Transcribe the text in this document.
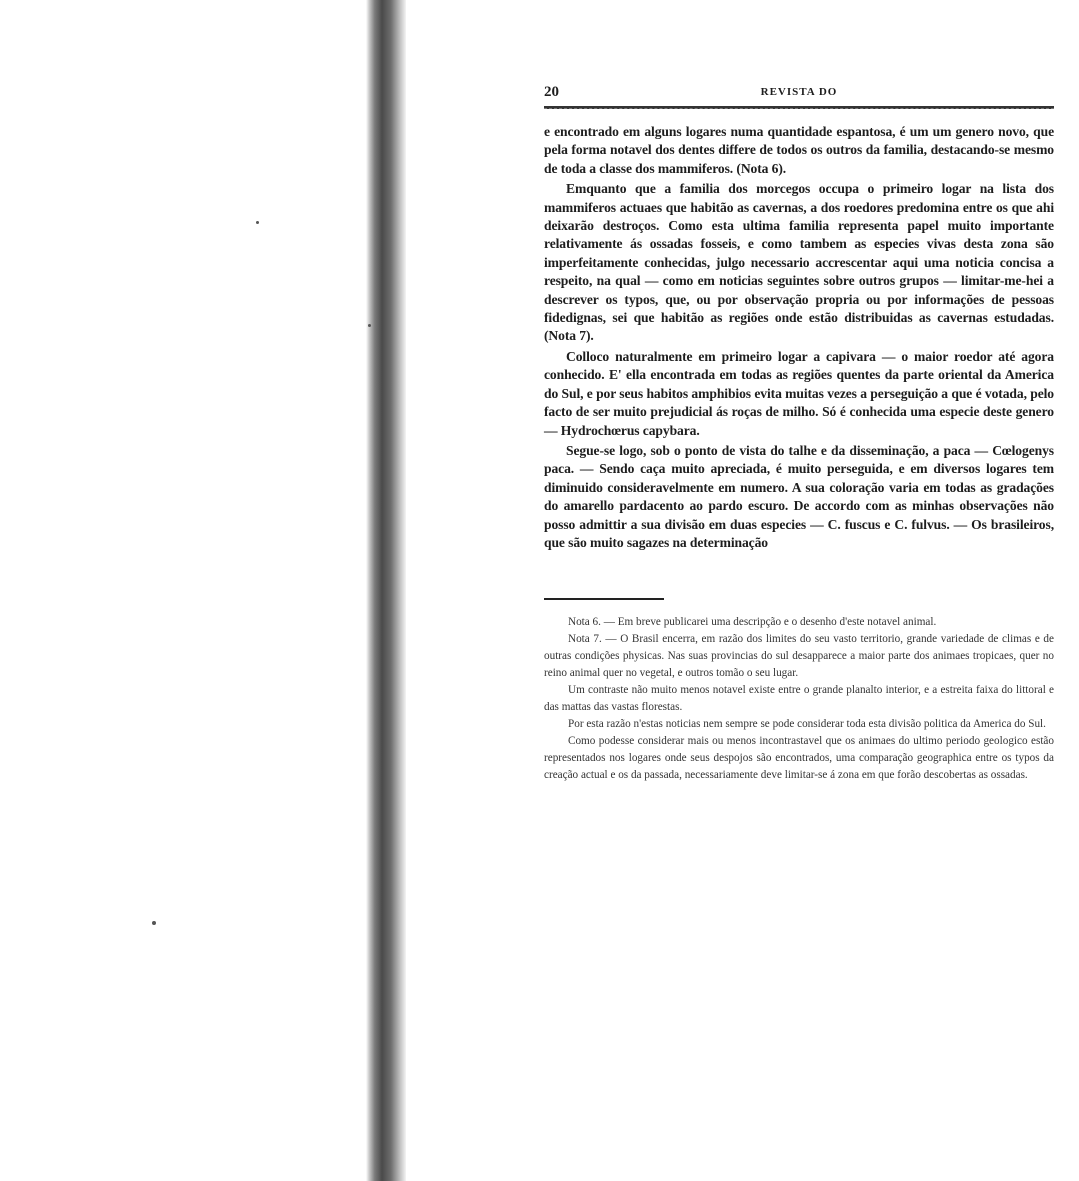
20	REVISTA DO

e encontrado em alguns logares numa quantidade espantosa, é um um genero novo, que pela forma notavel dos dentes differe de todos os outros da familia, destacando-se mesmo de toda a classe dos mammiferos. (Nota 6).

Emquanto que a familia dos morcegos occupa o primeiro logar na lista dos mammiferos actuaes que habitão as cavernas, a dos roedores predomina entre os que ahi deixarão destroços. Como esta ultima familia representa papel muito importante relativamente ás ossadas fosseis, e como tambem as especies vivas desta zona são imperfeitamente conhecidas, julgo necessario accrescentar aqui uma noticia concisa a respeito, na qual — como em noticias seguintes sobre outros grupos — limitar-me-hei a descrever os typos, que, ou por observação propria ou por informações de pessoas fidedignas, sei que habitão as regiões onde estão distribuidas as cavernas estudadas. (Nota 7).

Colloco naturalmente em primeiro logar a capivara — o maior roedor até agora conhecido. E' ella encontrada em todas as regiões quentes da parte oriental da America do Sul, e por seus habitos amphibios evita muitas vezes a perseguição a que é votada, pelo facto de ser muito prejudicial ás roças de milho. Só é conhecida uma especie deste genero — Hydrochœrus capybara.

Segue-se logo, sob o ponto de vista do talhe e da disseminação, a paca — Cœlogenys paca. — Sendo caça muito apreciada, é muito perseguida, e em diversos logares tem diminuido consideravelmente em numero. A sua coloração varia em todas as gradações do amarello pardacento ao pardo escuro. De accordo com as minhas observações não posso admittir a sua divisão em duas especies — C. fuscus e C. fulvus. — Os brasileiros, que são muito sagazes na determinação

Nota 6. — Em breve publicarei uma descripção e o desenho d'este notavel animal.

Nota 7. — O Brasil encerra, em razão dos limites do seu vasto territorio, grande variedade de climas e de outras condições physicas. Nas suas provincias do sul desapparece a maior parte dos animaes tropicaes, quer no reino animal quer no vegetal, e outros tomão o seu lugar.

Um contraste não muito menos notavel existe entre o grande planalto interior, e a estreita faixa do littoral e das mattas das vastas florestas.

Por esta razão n'estas noticias nem sempre se pode considerar toda esta divisão politica da America do Sul.

Como podesse considerar mais ou menos incontrastavel que os animaes do ultimo periodo geologico estão representados nos logares onde seus despojos são encontrados, uma comparação geographica entre os typos da creação actual e os da passada, necessariamente deve limitar-se á zona em que forão descobertas as ossadas.
